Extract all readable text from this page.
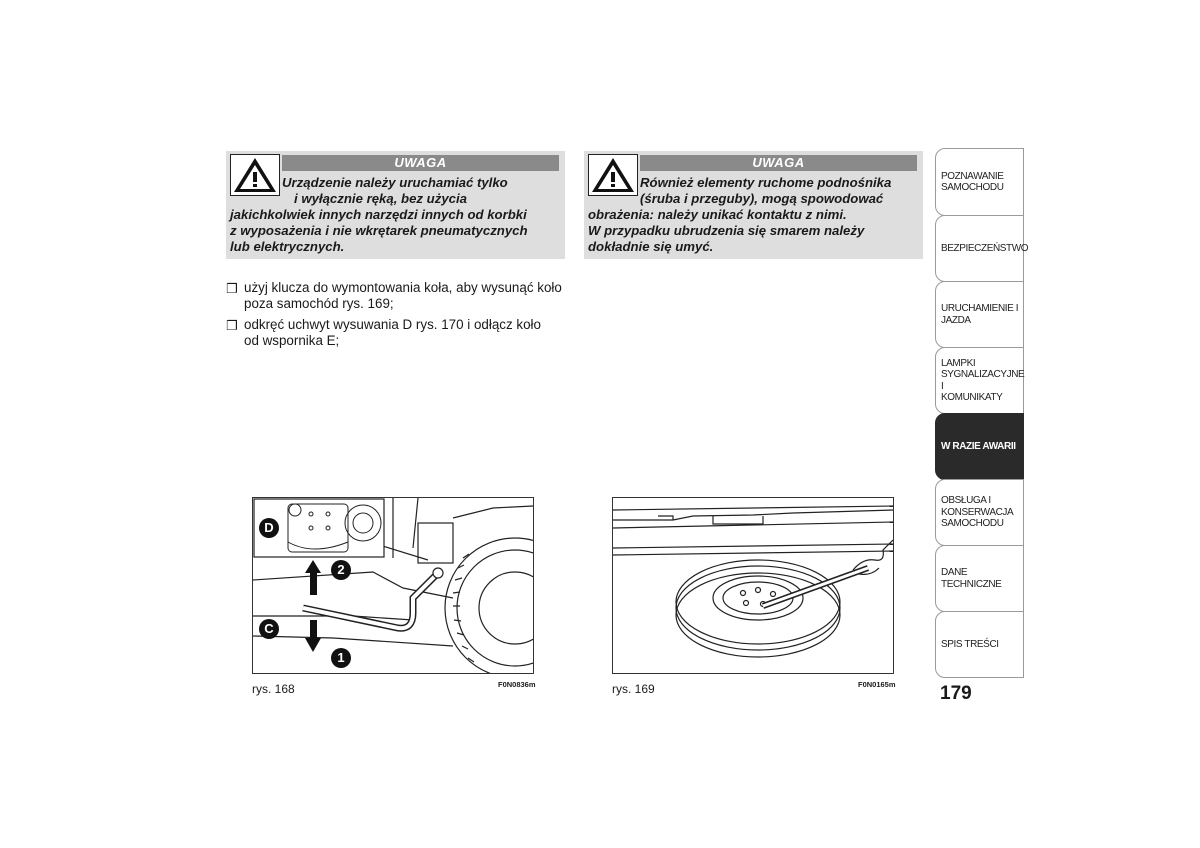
UWAGA
Urządzenie należy uruchamiać tylko
i wyłącznie ręką, bez użycia
jakichkolwiek innych narzędzi innych od korbki
z wyposażenia i nie wkrętarek pneumatycznych
lub elektrycznych.
UWAGA
Również elementy ruchome podnośnika
(śruba i przeguby), mogą spowodować
obrażenia: należy unikać kontaktu z nimi.
W przypadku ubrudzenia się smarem należy
dokładnie się umyć.
❒ użyj klucza do wymontowania koła, aby wysunąć koło
poza samochód rys. 169;
❒ odkręć uchwyt wysuwania D rys. 170 i odłącz koło
od wspornika E;
D
2
C
1
rys. 168	F0N0836m	rys. 169	F0N0165m
POZNAWANIE
SAMOCHODU
BEZPIECZEŃSTWO
URUCHAMIENIE I
JAZDA
LAMPKI
SYGNALIZACYJNE I
KOMUNIKATY
W RAZIE AWARII
OBSŁUGA I
KONSERWACJA
SAMOCHODU
DANE TECHNICZNE
SPIS TREŚCI
179
